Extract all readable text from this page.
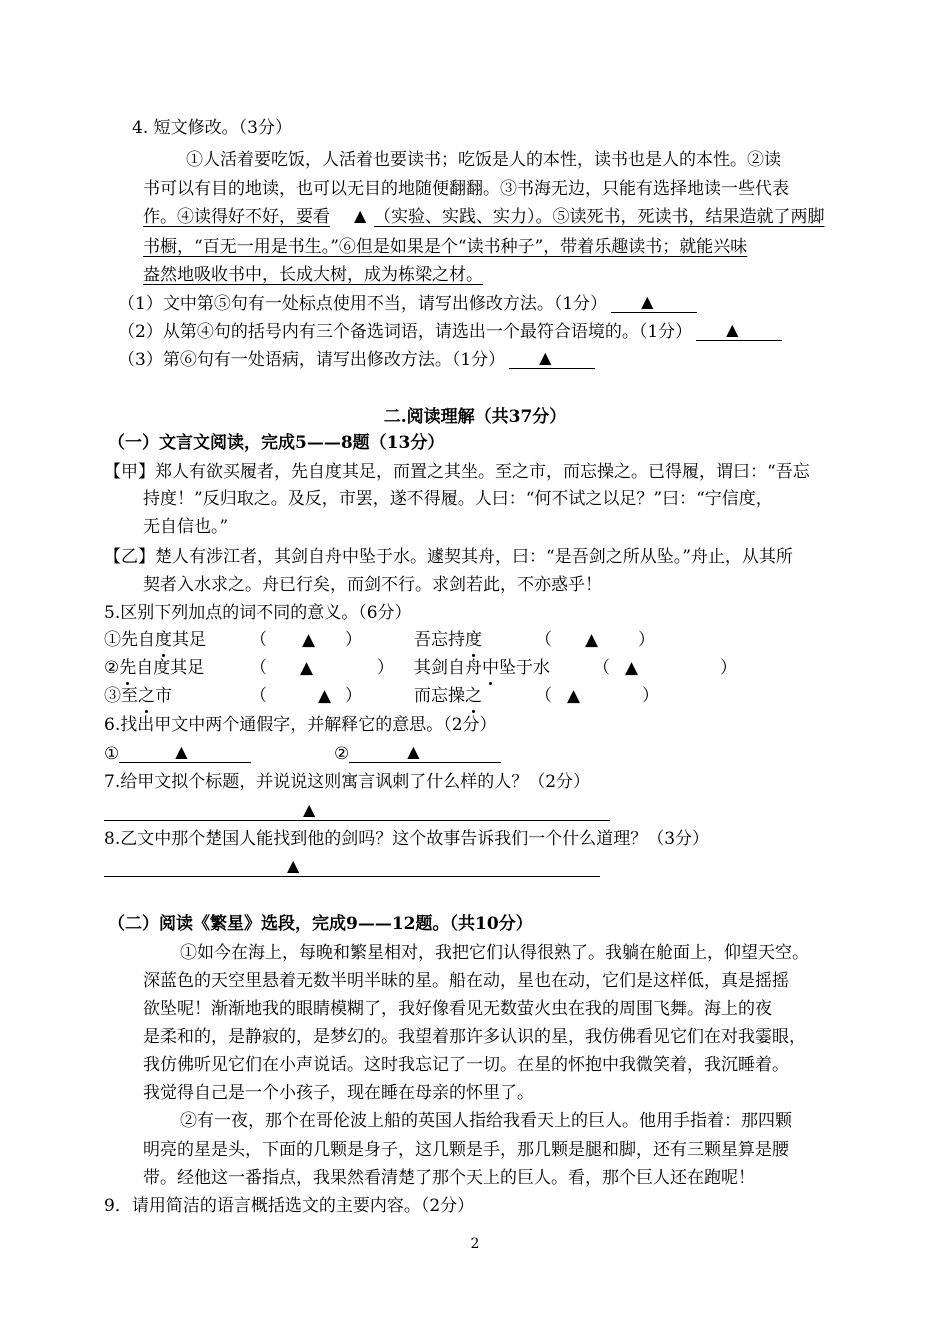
4. 短文修改。（3分）
①人活着要吃饭，人活着也要读书；吃饭是人的本性，读书也是人的本性。②读
书可以有目的地读，也可以无目的地随便翻翻。③书海无边，只能有选择地读一些代表
作。④读得好不好，要看 ▲ （实验、实践、实力）。⑤读死书，死读书，结果造就了两脚
书橱，“百无一用是书生。”⑥但是如果是个“读书种子”，带着乐趣读书；就能兴味
盎然地吸收书中，长成大树，成为栋梁之材。
（1）文中第⑤句有一处标点使用不当，请写出修改方法。（1分） ▲
（2）从第④句的括号内有三个备选词语，请选出一个最符合语境的。（1分） ▲
（3）第⑥句有一处语病，请写出修改方法。（1分） ▲
二.阅读理解（共37分）
（一）文言文阅读，完成5——8题（13分）
【甲】郑人有欲买履者，先自度其足，而置之其坐。至之市，而忘操之。已得履，谓曰：“吾忘
持度！”反归取之。及反，市罢，遂不得履。人曰：“何不试之以足？”曰：“宁信度，
无自信也。”
【乙】楚人有涉江者，其剑自舟中坠于水。遽契其舟，曰：“是吾剑之所从坠。”舟止，从其所
契者入水求之。舟已行矣，而剑不行。求剑若此，不亦惑乎！
5.区别下列加点的词不同的意义。（6分）
①先自度其足	（ ▲ ）	吾忘持度	（ ▲ ）
②先自度其足	（ ▲	） 其剑自舟中坠于水	（ ▲	）
③至之市	（	▲ ）	而忘操之	（ ▲	）
6.找出甲文中两个通假字，并解释它的意思。（2分）
①	▲	②	▲
7.给甲文拟个标题，并说说这则寓言讽刺了什么样的人？（2分）
▲
8.乙文中那个楚国人能找到他的剑吗？这个故事告诉我们一个什么道理？（3分）
▲
（二）阅读《繁星》选段，完成9——12题。（共10分）
①如今在海上，每晚和繁星相对，我把它们认得很熟了。我躺在舱面上，仰望天空。
深蓝色的天空里悬着无数半明半昧的星。船在动，星也在动，它们是这样低，真是摇摇
欲坠呢！渐渐地我的眼睛模糊了，我好像看见无数萤火虫在我的周围飞舞。海上的夜
是柔和的，是静寂的，是梦幻的。我望着那许多认识的星，我仿佛看见它们在对我霎眼，
我仿佛听见它们在小声说话。这时我忘记了一切。在星的怀抱中我微笑着，我沉睡着。
我觉得自己是一个小孩子，现在睡在母亲的怀里了。
②有一夜，那个在哥伦波上船的英国人指给我看天上的巨人。他用手指着：那四颗
明亮的星是头，下面的几颗是身子，这几颗是手，那几颗是腿和脚，还有三颗星算是腰
带。经他这一番指点，我果然看清楚了那个天上的巨人。看，那个巨人还在跑呢！
9．请用简洁的语言概括选文的主要内容。（2分）
2
